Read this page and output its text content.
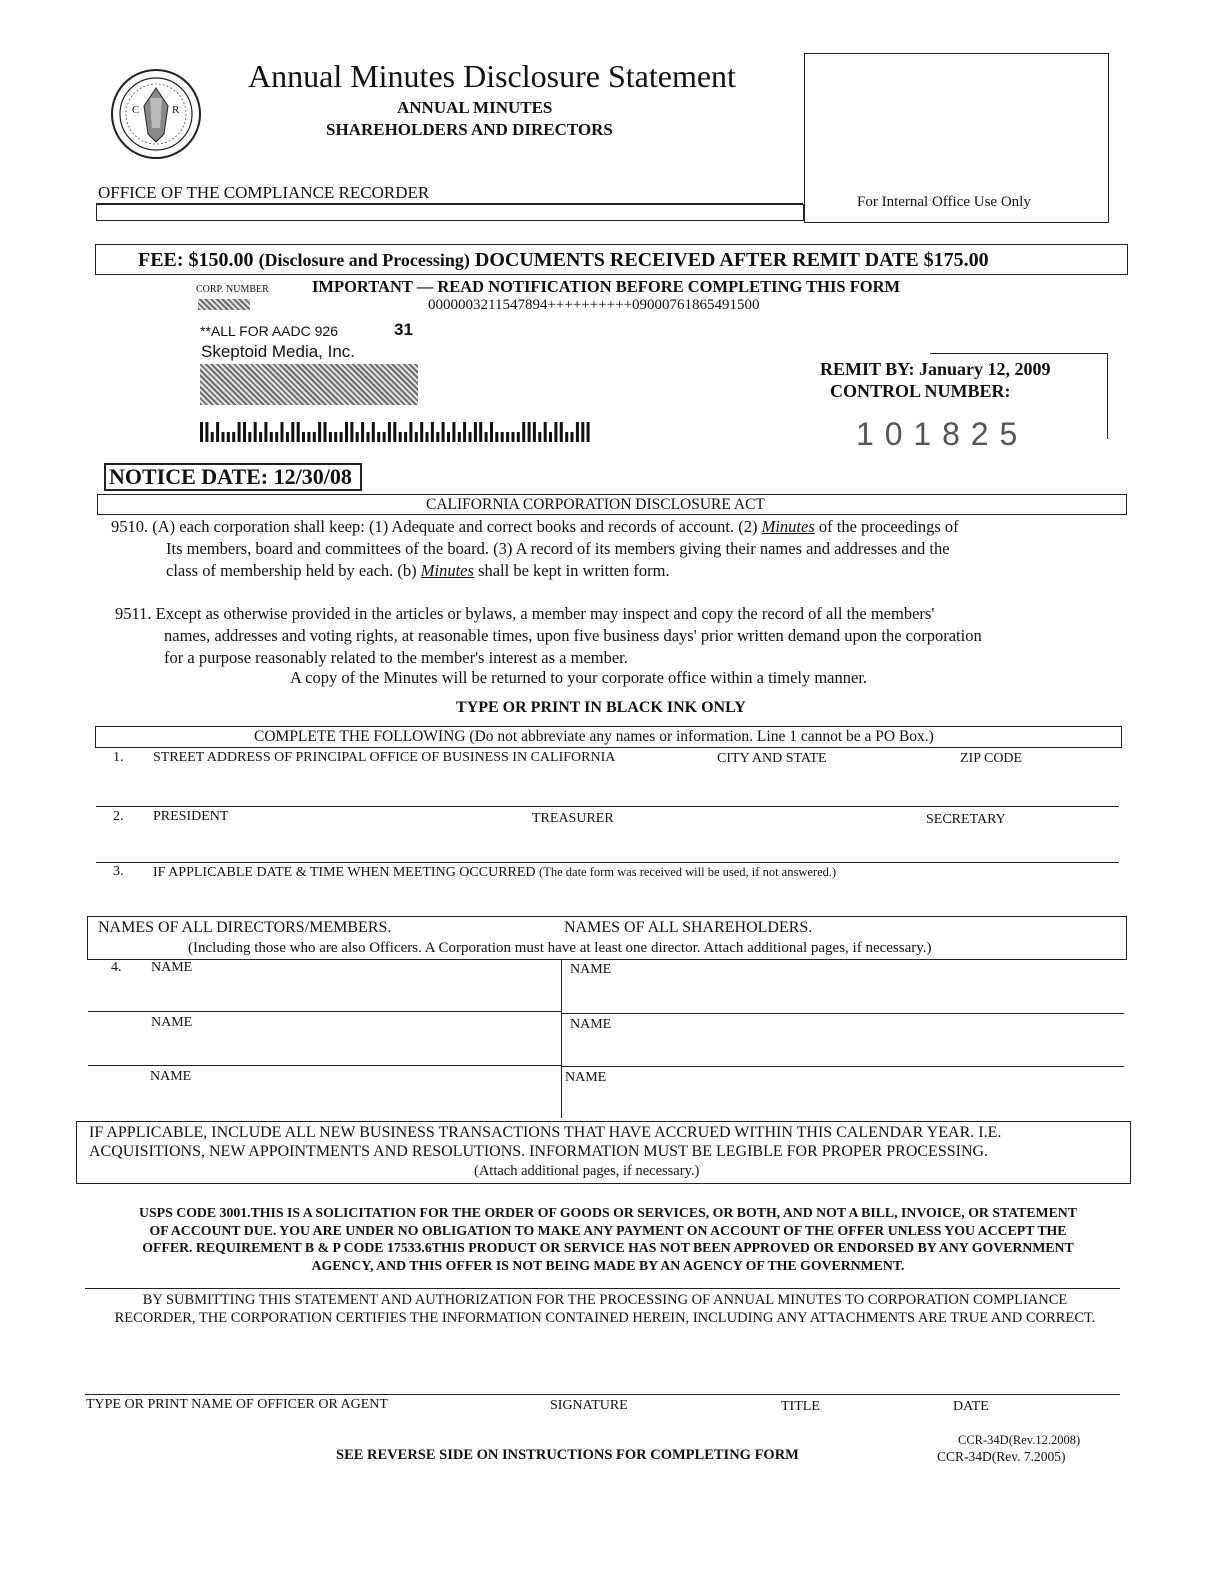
C	R
Annual Minutes Disclosure Statement
ANNUAL MINUTES
SHAREHOLDERS AND DIRECTORS
OFFICE OF THE COMPLIANCE RECORDER	For Internal Office Use Only
FEE: $150.00 (Disclosure and Processing) DOCUMENTS RECEIVED AFTER REMIT DATE $175.00
CORP. NUMBER	IMPORTANT — READ NOTIFICATION BEFORE COMPLETING THIS FORM
0000003211547894++++++++++09000761865491500
**ALL FOR AADC 926	31
Skeptoid Media, Inc.
REMIT BY: January 12, 2009
CONTROL NUMBER:
1 0 1 8 2 5
NOTICE DATE: 12/30/08
CALIFORNIA CORPORATION DISCLOSURE ACT
9510. (A) each corporation shall keep: (1) Adequate and correct books and records of account. (2) Minutes of the proceedings of
Its members, board and committees of the board. (3) A record of its members giving their names and addresses and the
class of membership held by each. (b) Minutes shall be kept in written form.
9511. Except as otherwise provided in the articles or bylaws, a member may inspect and copy the record of all the members'
names, addresses and voting rights, at reasonable times, upon five business days' prior written demand upon the corporation
for a purpose reasonably related to the member's interest as a member.
A copy of the Minutes will be returned to your corporate office within a timely manner.
TYPE OR PRINT IN BLACK INK ONLY
COMPLETE THE FOLLOWING (Do not abbreviate any names or information. Line 1 cannot be a PO Box.)
1. STREET ADDRESS OF PRINCIPAL OFFICE OF BUSINESS IN CALIFORNIA	CITY AND STATE	ZIP CODE
2. PRESIDENT	TREASURER	SECRETARY
3. IF APPLICABLE DATE & TIME WHEN MEETING OCCURRED (The date form was received will be used, if not answered.)
NAMES OF ALL DIRECTORS/MEMBERS.	NAMES OF ALL SHAREHOLDERS.
(Including those who are also Officers. A Corporation must have at least one director. Attach additional pages, if necessary.)
4. NAME	NAME
NAME	NAME
NAME	NAME
IF APPLICABLE, INCLUDE ALL NEW BUSINESS TRANSACTIONS THAT HAVE ACCRUED WITHIN THIS CALENDAR YEAR. I.E.
ACQUISITIONS, NEW APPOINTMENTS AND RESOLUTIONS. INFORMATION MUST BE LEGIBLE FOR PROPER PROCESSING.
(Attach additional pages, if necessary.)
USPS CODE 3001.THIS IS A SOLICITATION FOR THE ORDER OF GOODS OR SERVICES, OR BOTH, AND NOT A BILL, INVOICE, OR STATEMENT
OF ACCOUNT DUE. YOU ARE UNDER NO OBLIGATION TO MAKE ANY PAYMENT ON ACCOUNT OF THE OFFER UNLESS YOU ACCEPT THE
OFFER. REQUIREMENT B & P CODE 17533.6THIS PRODUCT OR SERVICE HAS NOT BEEN APPROVED OR ENDORSED BY ANY GOVERNMENT
AGENCY, AND THIS OFFER IS NOT BEING MADE BY AN AGENCY OF THE GOVERNMENT.
BY SUBMITTING THIS STATEMENT AND AUTHORIZATION FOR THE PROCESSING OF ANNUAL MINUTES TO CORPORATION COMPLIANCE
RECORDER, THE CORPORATION CERTIFIES THE INFORMATION CONTAINED HEREIN, INCLUDING ANY ATTACHMENTS ARE TRUE AND CORRECT.
TYPE OR PRINT NAME OF OFFICER OR AGENT	SIGNATURE	TITLE	DATE
SEE REVERSE SIDE ON INSTRUCTIONS FOR COMPLETING FORM
CCR-34D(Rev.12.2008)
CCR-34D(Rev. 7.2005)
